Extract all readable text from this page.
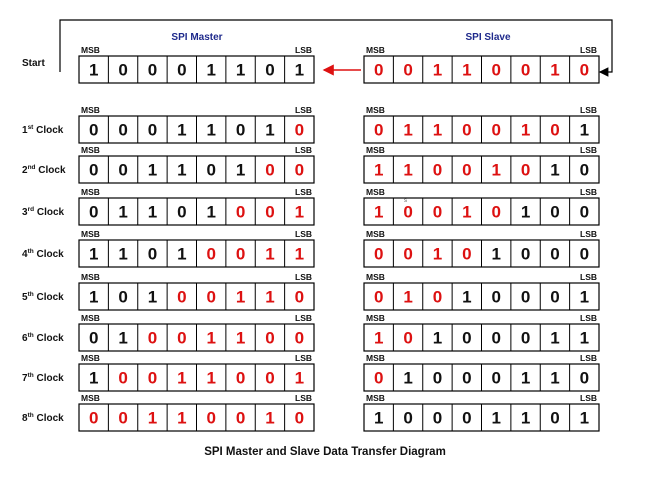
SPI Master	SPI Slave
Start
MSB	LSB
1 0 0 0 1 1 0 1
MSB	LSB
0 0 1 1 0 0 1 0
1st Clock
MSB	LSB
0 0 0 1 1 0 1 0
MSB	LSB
0 1 1 0 0 1 0 1
2nd Clock
MSB	LSB
0 0 1 1 0 1 0 0
MSB	LSB
1 1 0 0 1 0 1 0
3rd Clock
MSB	LSB
0 1 1 0 1 0 0 1
MSB	LSB
1 0 0 1 0 1 0 0
s
4th Clock
MSB	LSB
1 1 0 1 0 0 1 1
MSB	LSB
0 0 1 0 1 0 0 0
5th Clock
MSB	LSB
1 0 1 0 0 1 1 0
MSB	LSB
0 1 0 1 0 0 0 1
6th Clock
MSB	LSB
0 1 0 0 1 1 0 0
MSB	LSB
1 0 1 0 0 0 1 1
7th Clock
MSB	LSB
1 0 0 1 1 0 0 1
MSB	LSB
0 1 0 0 0 1 1 0
8th Clock
MSB	LSB
0 0 1 1 0 0 1 0
MSB	LSB
1 0 0 0 1 1 0 1
SPI Master and Slave Data Transfer Diagram
